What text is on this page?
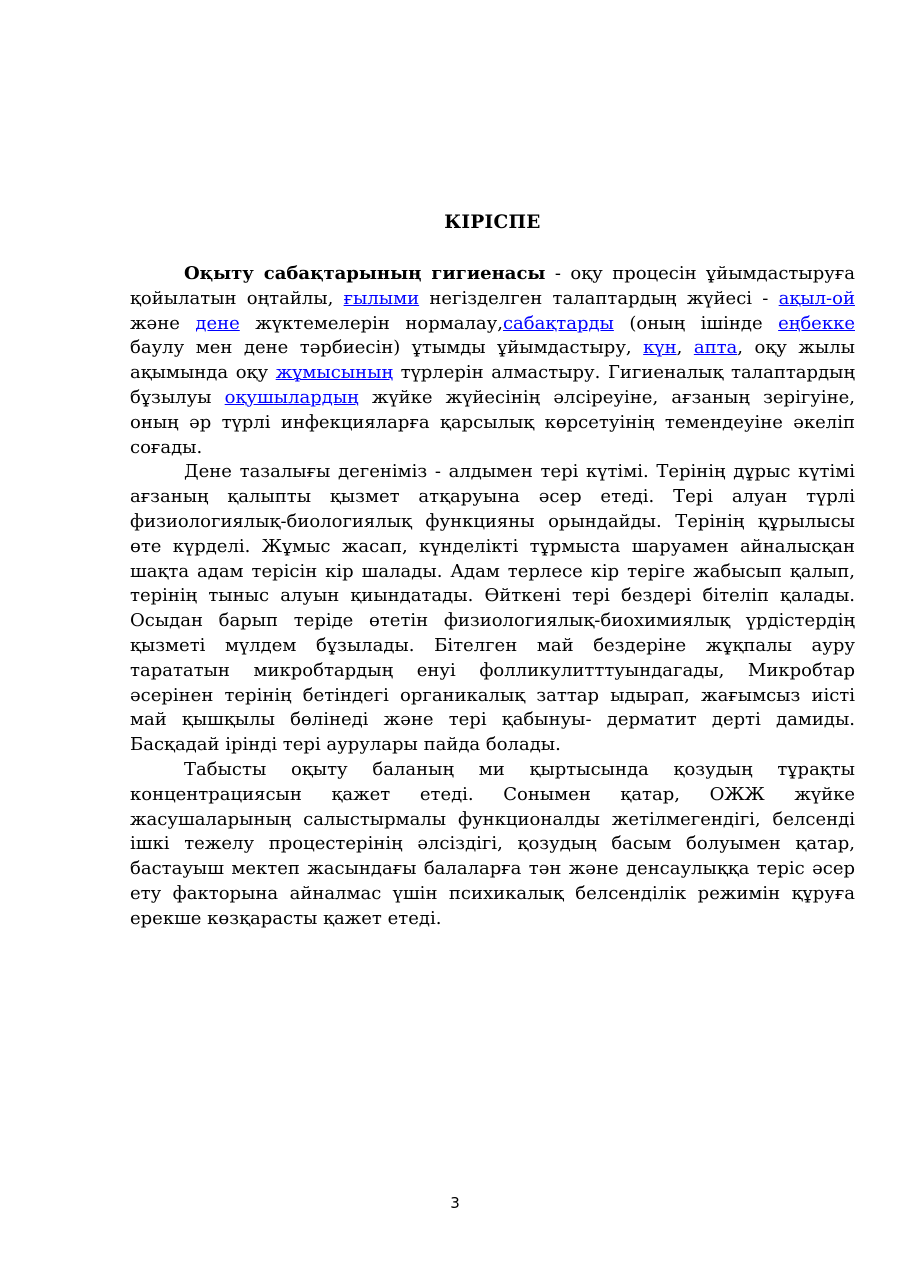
КІРІСПЕ

Оқыту сабақтарының гигиенасы - оқу процесін ұйымдастыруға қойылатын оңтайлы, ғылыми негізделген талаптардың жүйесі - ақыл-ой және дене жүктемелерін нормалау,сабақтарды (оның ішінде еңбекке баулу мен дене тәрбиесін) ұтымды ұйымдастыру, күн, апта, оқу жылы ақымында оқу жұмысының түрлерін алмастыру. Гигиеналық талаптардың бұзылуы оқушылардың жүйке жүйесінің әлсіреуіне, ағзаның зерігуіне, оның әр түрлі инфекцияларға қарсылық көрсетуінің темендеуіне әкеліп соғады.

Дене тазалығы дегеніміз - алдымен тері күтімі. Терінің дұрыс күтімі ағзаның қалыпты қызмет атқаруына әсер етеді. Тері алуан түрлі физиологиялық-биологиялық функцияны орындайды. Терінің құрылысы өте күрделі. Жұмыс жасап, күнделікті тұрмыста шаруамен айналысқан шақта адам терісін кір шалады. Адам терлесе кір теріге жабысып қалып, терінің тыныс алуын қиындатады. Өйткені тері бездері бітеліп қалады. Осыдан барып теріде өтетін физиологиялық-биохимиялық үрдістердің қызметі мүлдем бұзылады. Бітелген май бездеріне жұқпалы ауру тарататын микробтардың енуі фолликулитттуындагады, Микробтар әсерінен терінің бетіндегі органикалық заттар ыдырап, жағымсыз иісті май қышқылы бөлінеді және тері қабынуы- дерматит дерті дамиды. Басқадай ірінді тері аурулары пайда болады.

Табысты оқыту баланың ми қыртысында қозудың тұрақты концентрациясын қажет етеді. Сонымен қатар, ОЖЖ жүйке жасушаларының салыстырмалы функционалды жетілмегендігі, белсенді ішкі тежелу процестерінің әлсіздігі, қозудың басым болуымен қатар, бастауыш мектеп жасындағы балаларға тән және денсаулыққа теріс әсер ету факторына айналмас үшін психикалық белсенділік режимін құруға ерекше көзқарасты қажет етеді.

3
